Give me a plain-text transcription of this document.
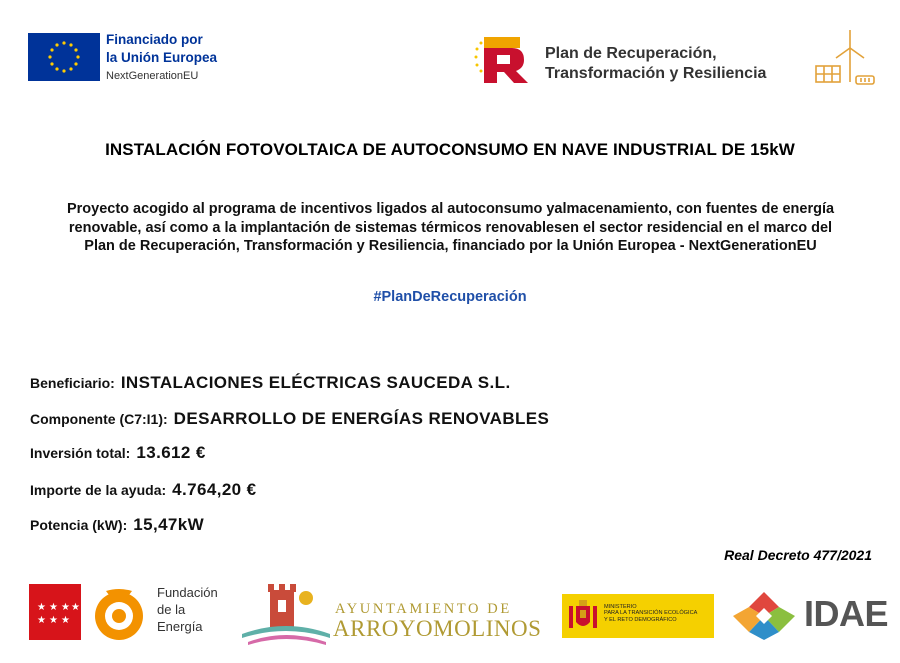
Financiado por
la Unión Europea
NextGenerationEU
Plan de Recuperación,
Transformación y Resiliencia
INSTALACIÓN FOTOVOLTAICA DE AUTOCONSUMO EN NAVE INDUSTRIAL DE 15kW
Proyecto acogido al programa de incentivos ligados al autoconsumo yalmacenamiento, con fuentes de energía
renovable, así como a la implantación de sistemas térmicos renovablesen el sector residencial en el marco del
Plan de Recuperación, Transformación y Resiliencia, financiado por la Unión Europea - NextGenerationEU
#PlanDeRecuperación
Beneficiario: INSTALACIONES ELÉCTRICAS SAUCEDA S.L.
Componente (C7:I1): DESARROLLO DE ENERGÍAS RENOVABLES
Inversión total: 13.612 €
Importe de la ayuda: 4.764,20 €
Potencia (kW): 15,47kW
Real Decreto 477/2021
★ ★ ★ ★
★ ★ ★
Fundación
de la
Energía
AYUNTAMIENTO DE
ARROYOMOLINOS
MINISTERIO
PARA LA TRANSICIÓN ECOLÓGICA
Y EL RETO DEMOGRÁFICO	IDAE
